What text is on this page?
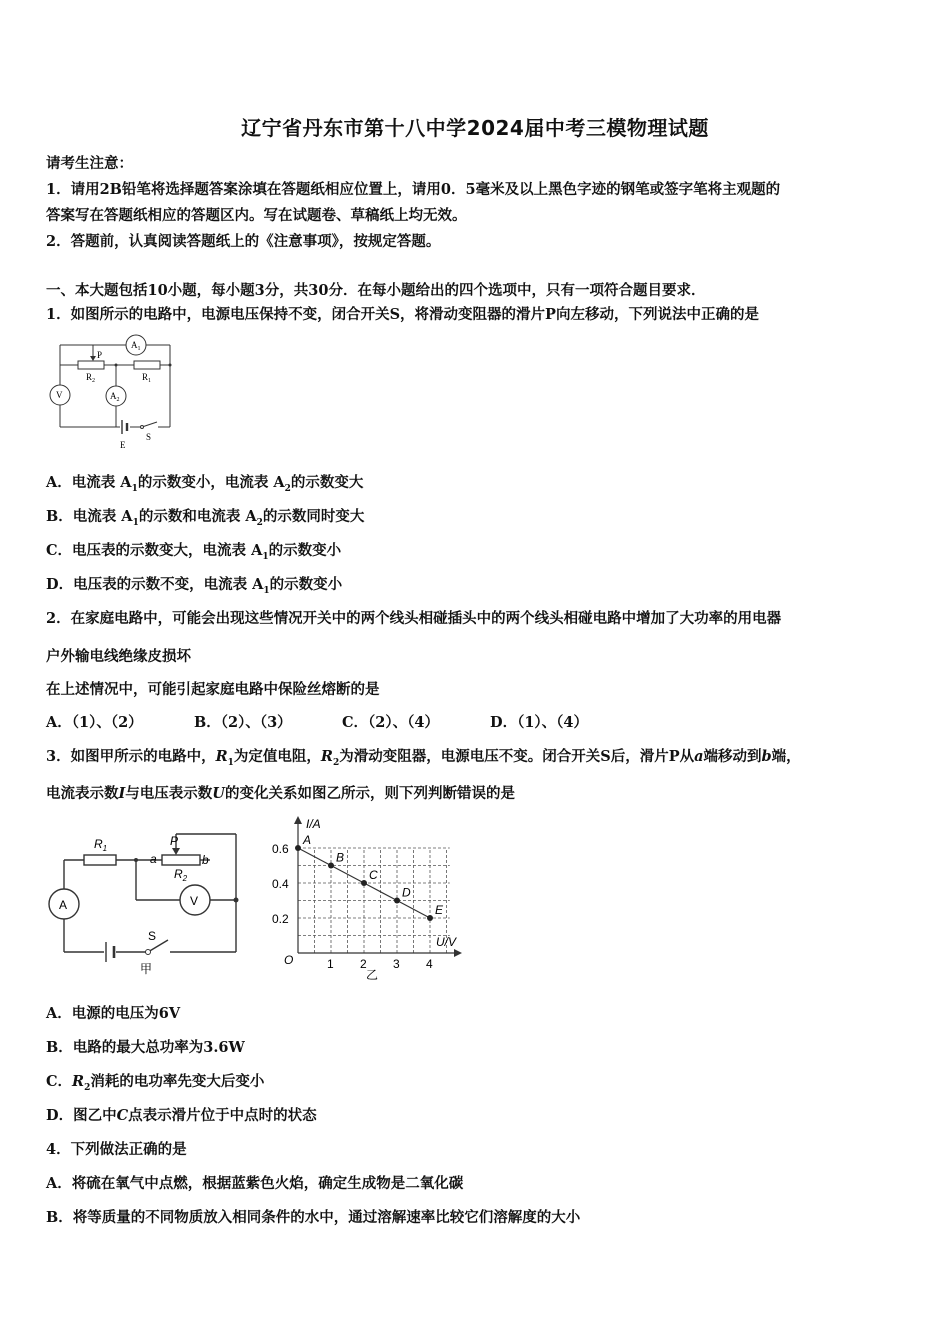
辽宁省丹东市第十八中学2024届中考三模物理试题
请考生注意：
1．请用2B铅笔将选择题答案涂填在答题纸相应位置上，请用0．5毫米及以上黑色字迹的钢笔或签字笔将主观题的
答案写在答题纸相应的答题区内。写在试题卷、草稿纸上均无效。
2．答题前，认真阅读答题纸上的《注意事项》，按规定答题。
一、本大题包括10小题，每小题3分，共30分．在每小题给出的四个选项中，只有一项符合题目要求．
1．如图所示的电路中，电源电压保持不变，闭合开关S，将滑动变阻器的滑片P向左移动，下列说法中正确的是
$A_1$
P
$R_2$	$R_1$
V	$A_2$
E
S
A．电流表 $A_1$的示数变小，电流表 $A_2$的示数变大
B．电流表 $A_1$的示数和电流表 $A_2$的示数同时变大
C．电压表的示数变大，电流表 $A_1$的示数变小
D．电压表的示数不变，电流表 $A_1$的示数变小
2．在家庭电路中，可能会出现这些情况开关中的两个线头相碰插头中的两个线头相碰电路中增加了大功率的用电器
户外输电线绝缘皮损坏
在上述情况中，可能引起家庭电路中保险丝熔断的是
A．（1）、（2）	B．（2）、（3）	C．（2）、（4）	D．（1）、（4）
3．如图甲所示的电路中，$R_1$为定值电阻，$R_2$为滑动变阻器，电源电压不变。闭合开关S后，滑片P从a端移动到b端，
电流表示数I与电压表示数U的变化关系如图乙所示，则下列判断错误的是
$R_1$
P
a	b
$R_2$
A	V
S
甲	1 2 3 4
0.2
0.4
0.6
A
B
C
D
E
I/A
U/V
O
乙
A．电源的电压为6V
B．电路的最大总功率为3.6W
C．$R_2$消耗的电功率先变大后变小
D．图乙中C点表示滑片位于中点时的状态
4．下列做法正确的是
A．将硫在氧气中点燃，根据蓝紫色火焰，确定生成物是二氧化碳
B．将等质量的不同物质放入相同条件的水中，通过溶解速率比较它们溶解度的大小
